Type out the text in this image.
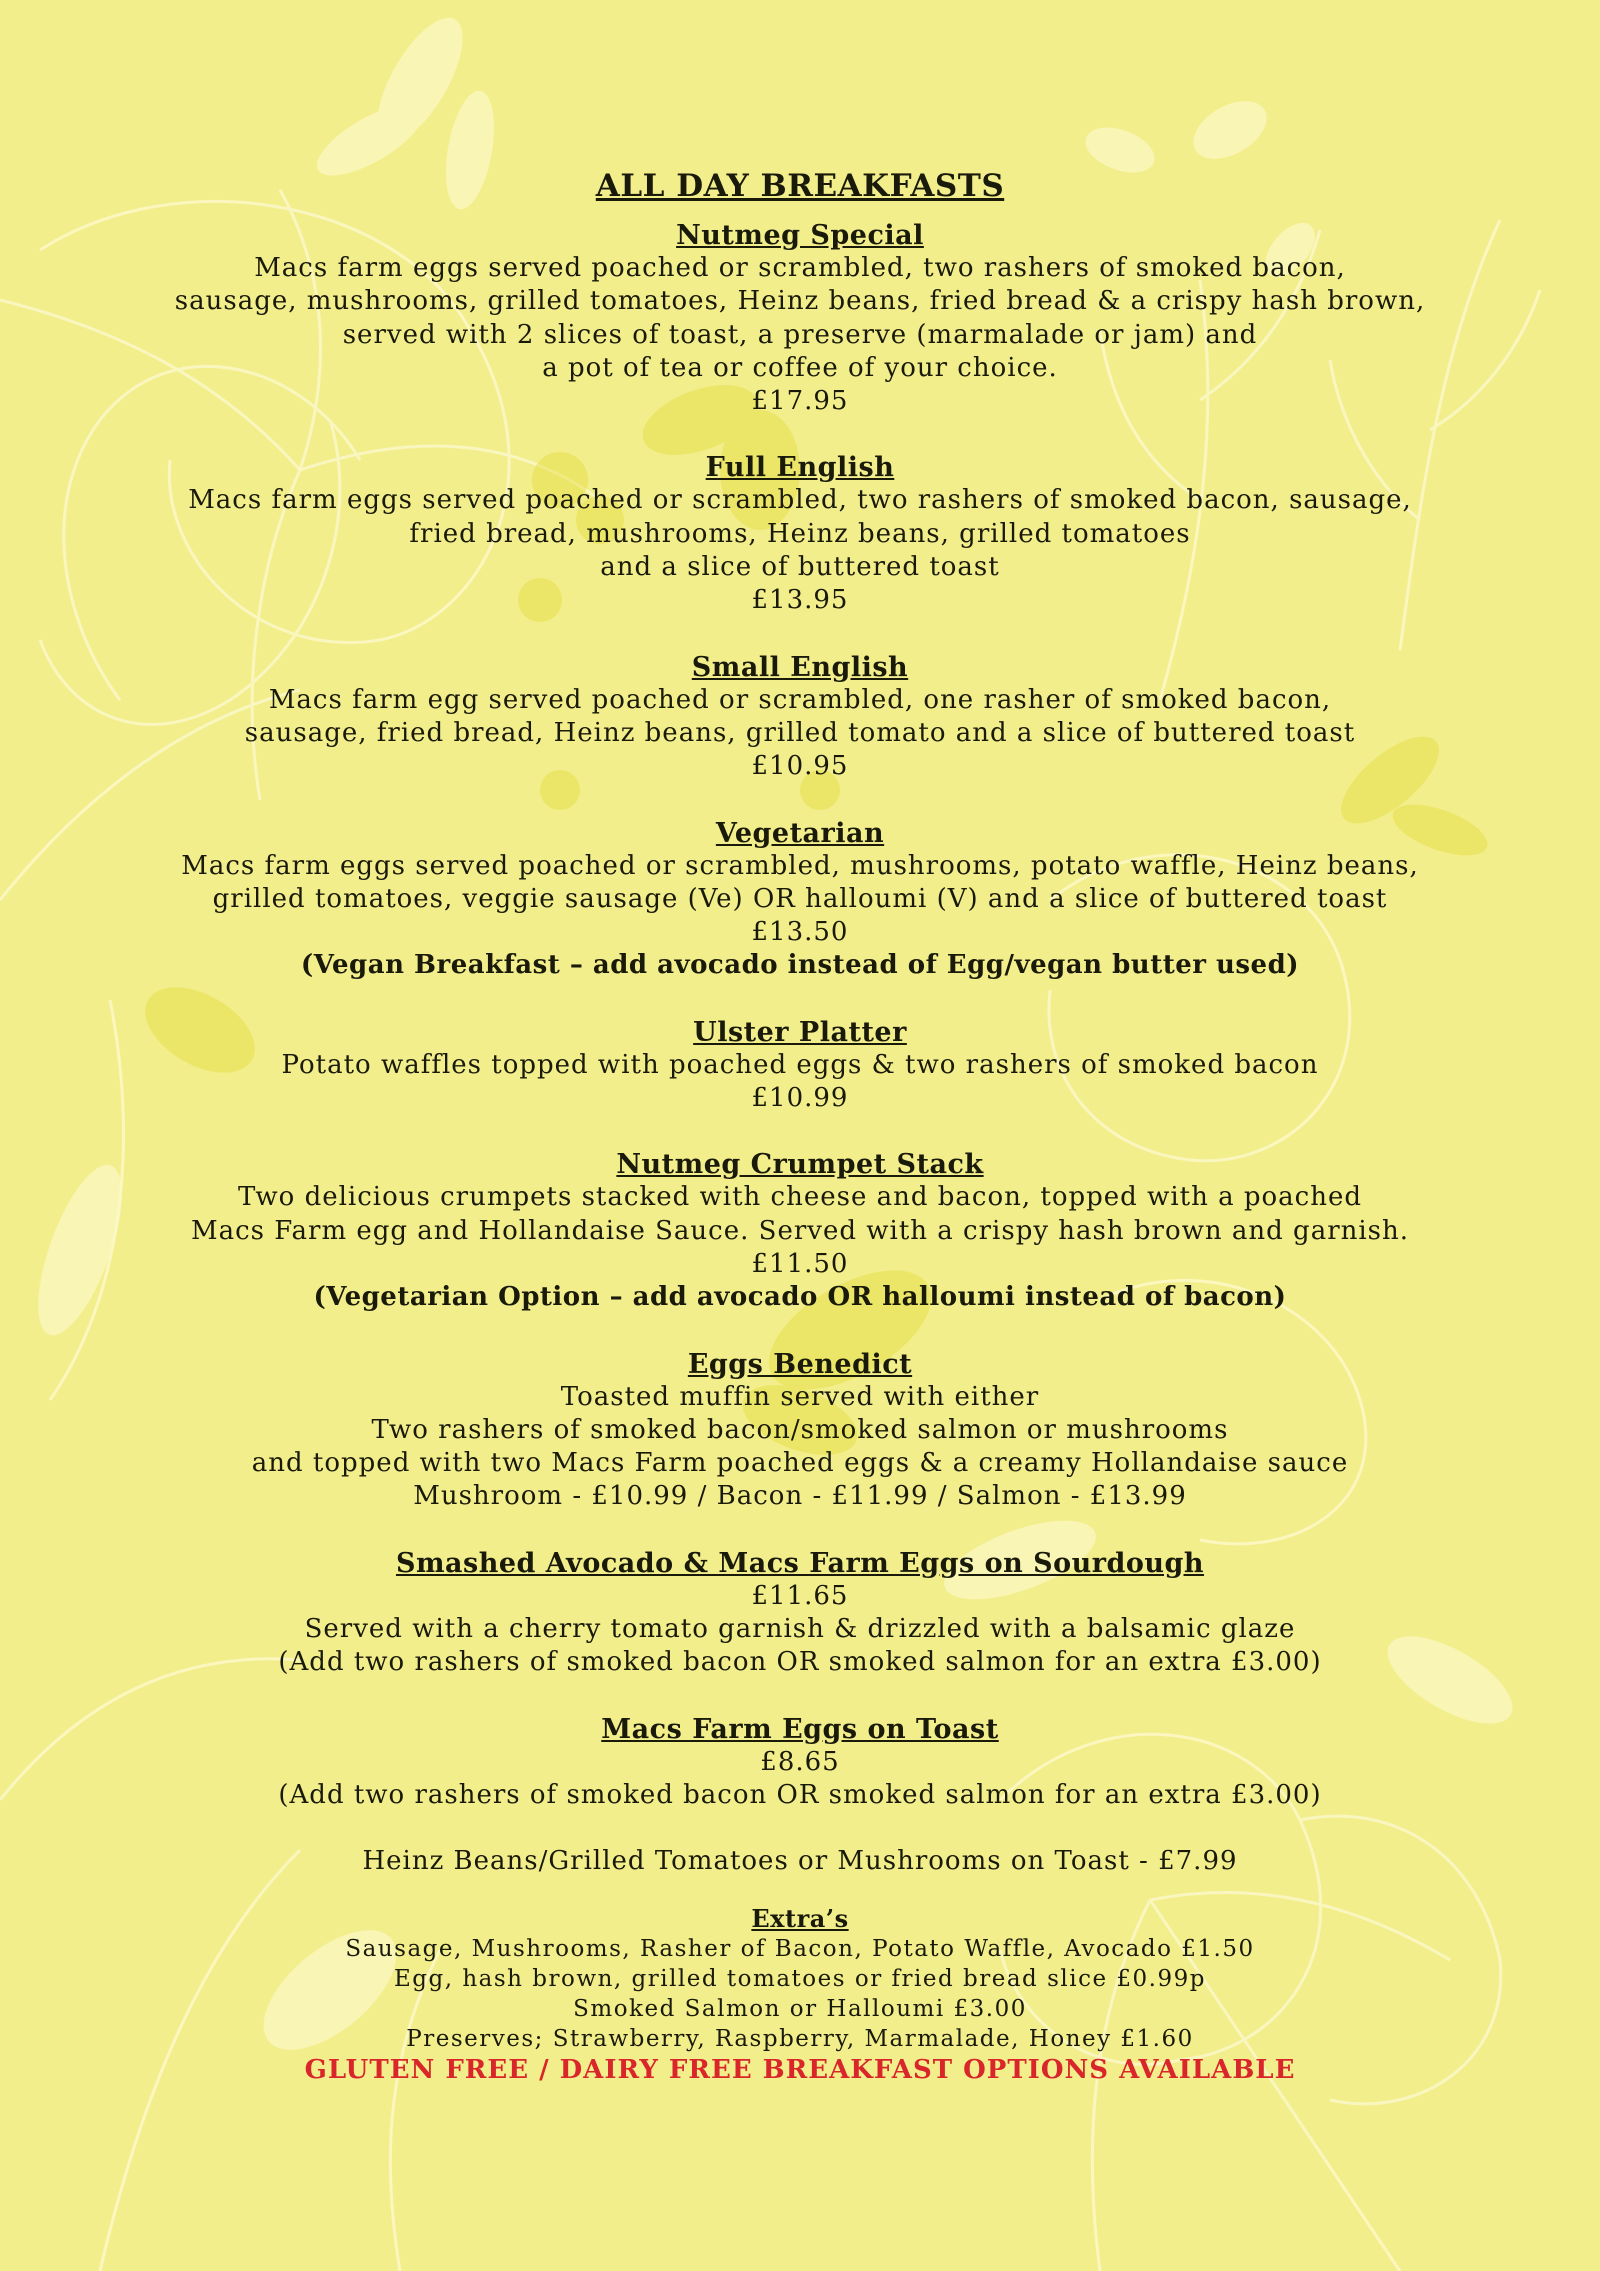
ALL DAY BREAKFASTS
Nutmeg Special
Macs farm eggs served poached or scrambled, two rashers of smoked bacon,
sausage, mushrooms, grilled tomatoes, Heinz beans, fried bread & a crispy hash brown,
served with 2 slices of toast, a preserve (marmalade or jam) and
a pot of tea or coffee of your choice.
£17.95
Full English
Macs farm eggs served poached or scrambled, two rashers of smoked bacon, sausage,
fried bread, mushrooms, Heinz beans, grilled tomatoes
and a slice of buttered toast
£13.95
Small English
Macs farm egg served poached or scrambled, one rasher of smoked bacon,
sausage, fried bread, Heinz beans, grilled tomato and a slice of buttered toast
£10.95
Vegetarian
Macs farm eggs served poached or scrambled, mushrooms, potato waffle, Heinz beans,
grilled tomatoes, veggie sausage (Ve) OR halloumi (V) and a slice of buttered toast
£13.50
(Vegan Breakfast – add avocado instead of Egg/vegan butter used)
Ulster Platter
Potato waffles topped with poached eggs & two rashers of smoked bacon
£10.99
Nutmeg Crumpet Stack
Two delicious crumpets stacked with cheese and bacon, topped with a poached
Macs Farm egg and Hollandaise Sauce. Served with a crispy hash brown and garnish.
£11.50
(Vegetarian Option – add avocado OR halloumi instead of bacon)
Eggs Benedict
Toasted muffin served with either
Two rashers of smoked bacon/smoked salmon or mushrooms
and topped with two Macs Farm poached eggs & a creamy Hollandaise sauce
Mushroom - £10.99 / Bacon - £11.99 / Salmon - £13.99
Smashed Avocado & Macs Farm Eggs on Sourdough
£11.65
Served with a cherry tomato garnish & drizzled with a balsamic glaze
(Add two rashers of smoked bacon OR smoked salmon for an extra £3.00)
Macs Farm Eggs on Toast
£8.65
(Add two rashers of smoked bacon OR smoked salmon for an extra £3.00)
Heinz Beans/Grilled Tomatoes or Mushrooms on Toast - £7.99
Extra’s
Sausage, Mushrooms, Rasher of Bacon, Potato Waffle, Avocado £1.50
Egg, hash brown, grilled tomatoes or fried bread slice £0.99p
Smoked Salmon or Halloumi £3.00
Preserves; Strawberry, Raspberry, Marmalade, Honey £1.60
GLUTEN FREE / DAIRY FREE BREAKFAST OPTIONS AVAILABLE
